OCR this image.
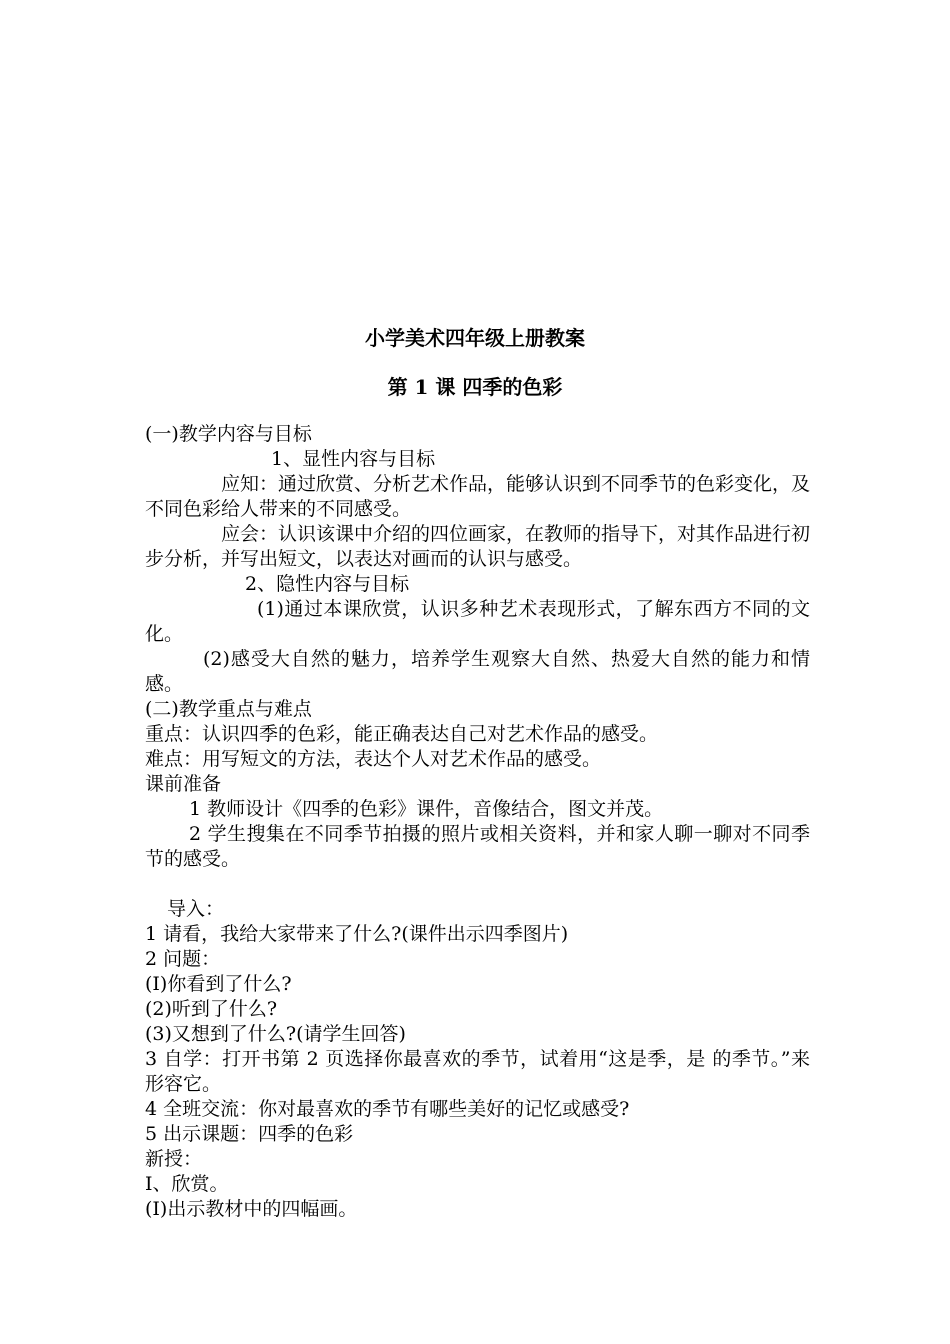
小学美术四年级上册教案
第 1 课 四季的色彩

(一)教学内容与目标

1、显性内容与目标

应知：通过欣赏、分析艺术作品，能够认识到不同季节的色彩变化，及不同色彩给人带来的不同感受。

应会：认识该课中介绍的四位画家，在教师的指导下，对其作品进行初步分析，并写出短文，以表达对画而的认识与感受。

2、隐性内容与目标

(1)通过本课欣赏，认识多种艺术表现形式，了解东西方不同的文化。

(2)感受大自然的魅力，培养学生观察大自然、热爱大自然的能力和情感。

(二)教学重点与难点

重点：认识四季的色彩，能正确表达自己对艺术作品的感受。

难点：用写短文的方法，表达个人对艺术作品的感受。

课前准备

1 教师设计《四季的色彩》课件，音像结合，图文并茂。

2 学生搜集在不同季节拍摄的照片或相关资料，并和家人聊一聊对不同季节的感受。

导入：

1 请看，我给大家带来了什么?(课件出示四季图片)

2 问题：

(I)你看到了什么?

(2)听到了什么?

(3)又想到了什么?(请学生回答)

3 自学：打开书第 2 页选择你最喜欢的季节，试着用“这是季，是 的季节。”来形容它。

4 全班交流：你对最喜欢的季节有哪些美好的记忆或感受?

5 出示课题：四季的色彩

新授：

I、欣赏。

(I)出示教材中的四幅画。
